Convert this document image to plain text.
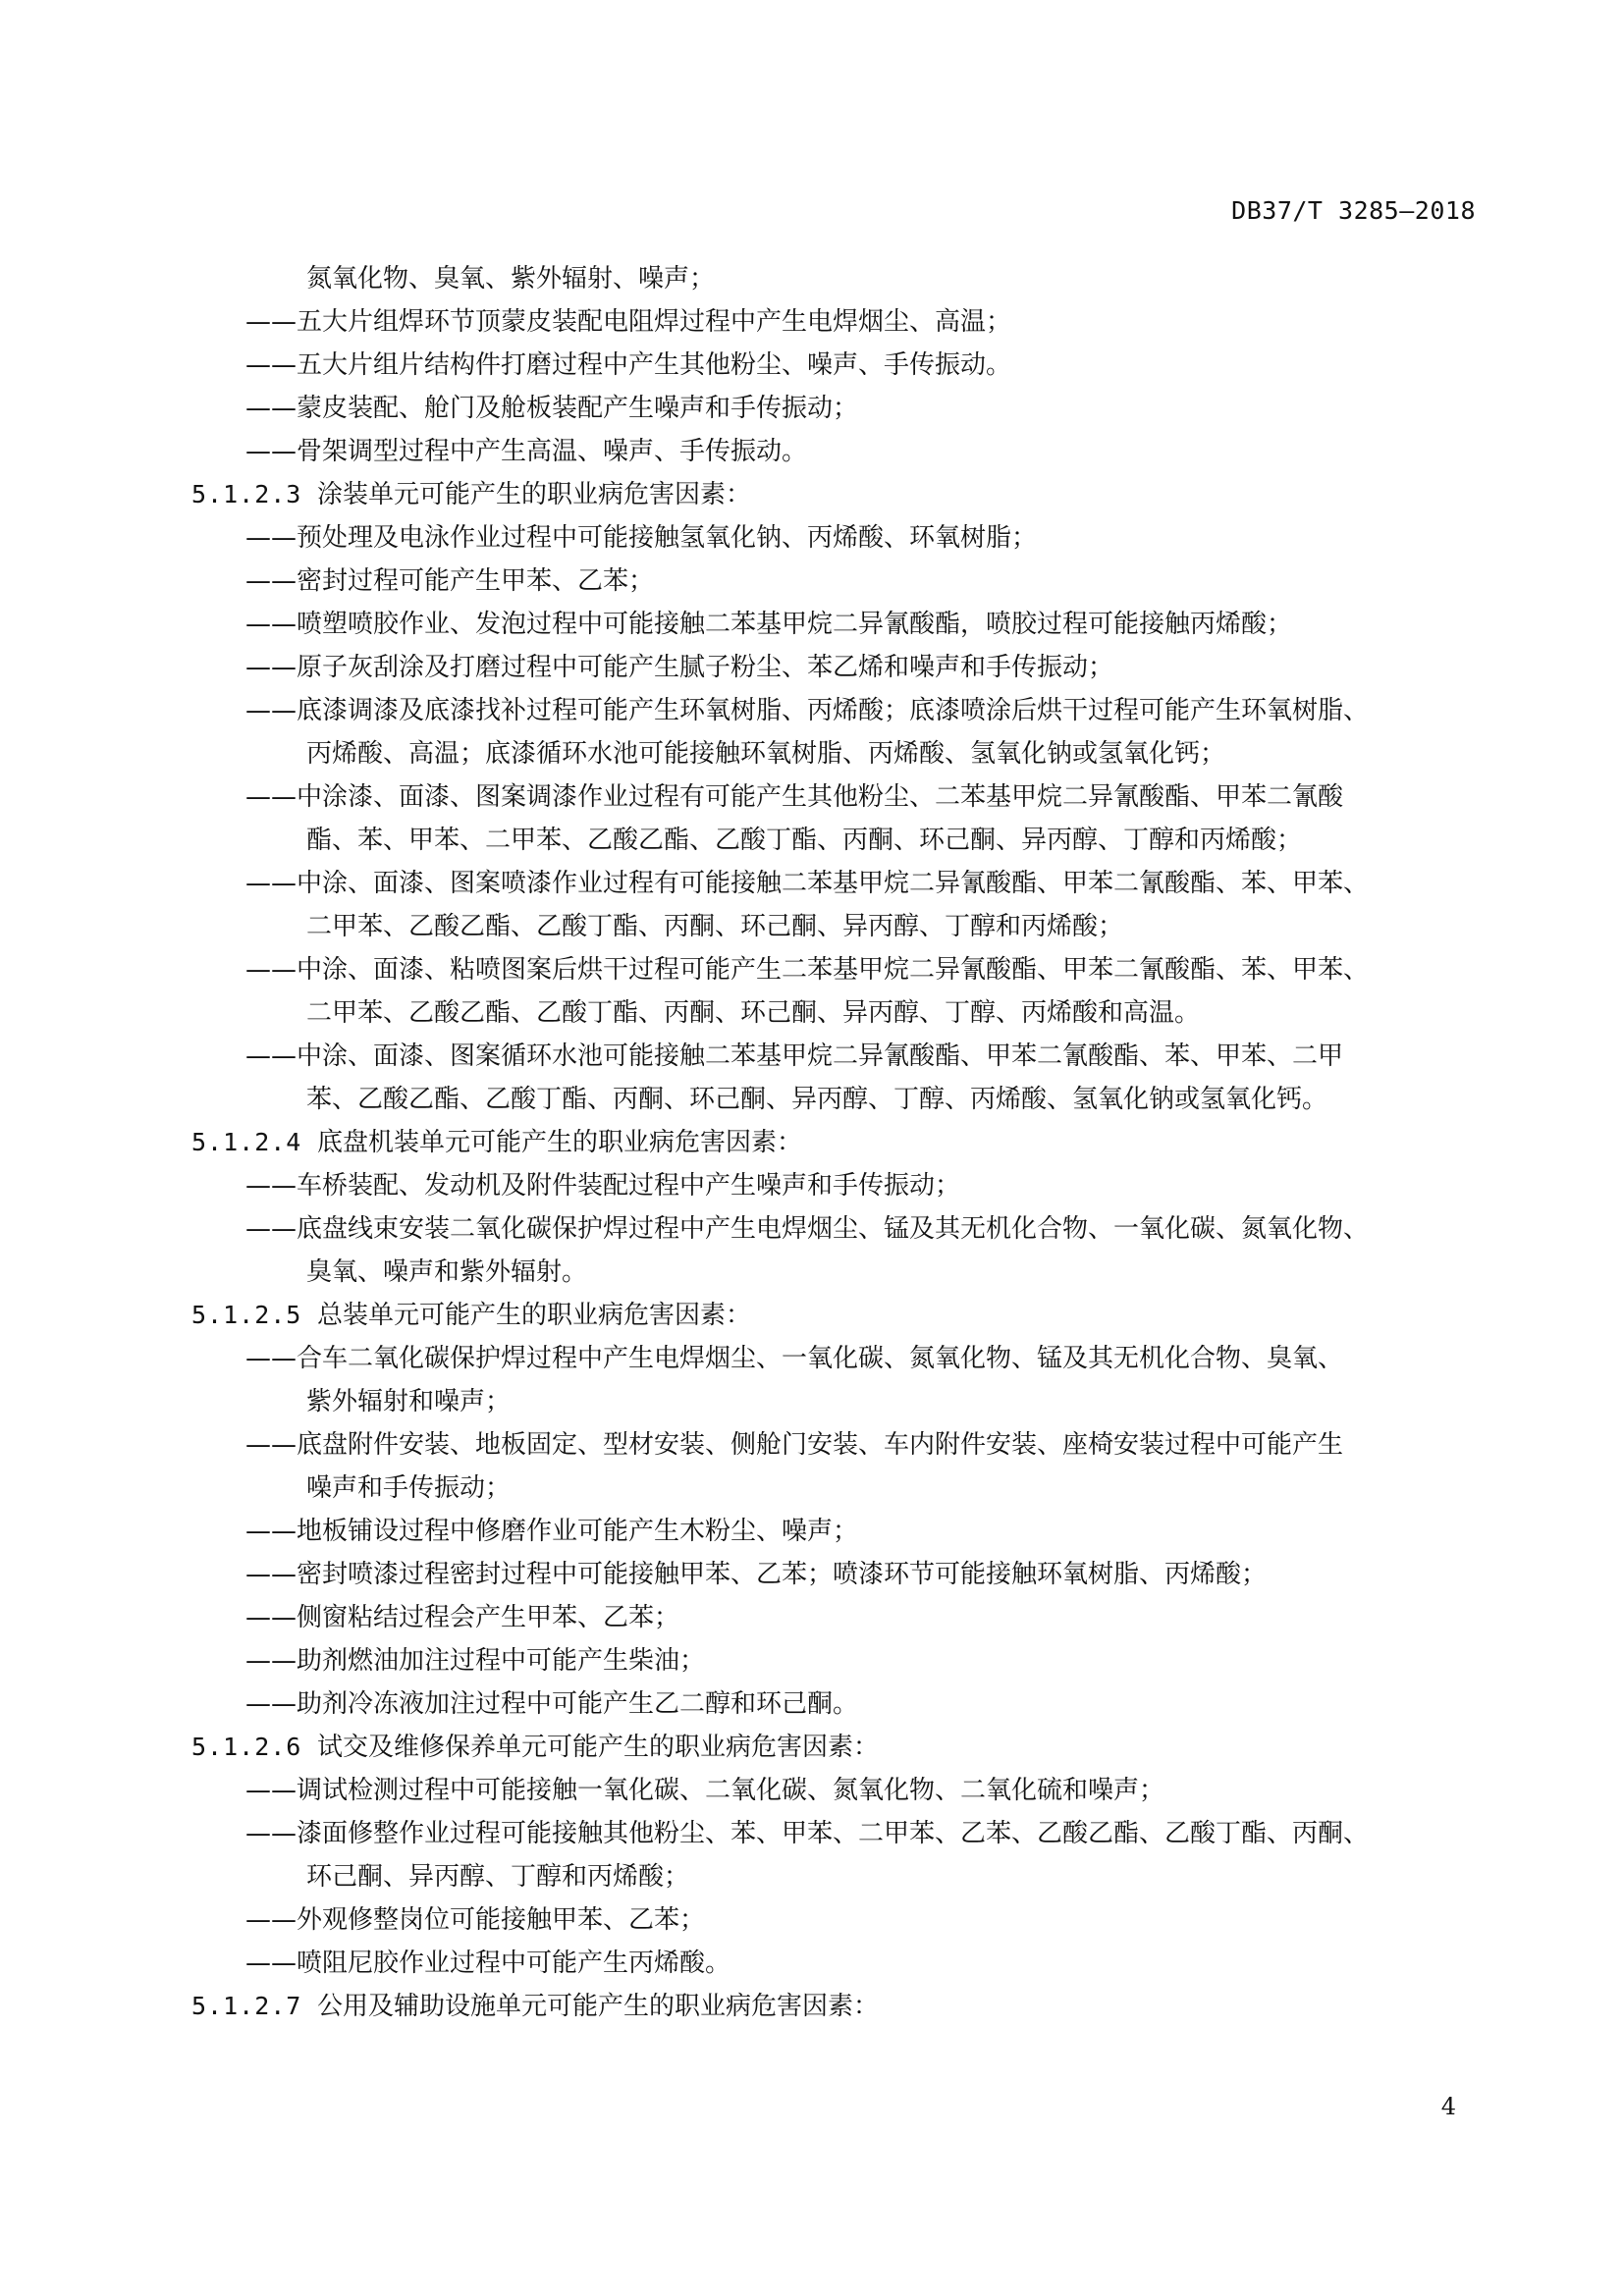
DB37/T 3285—2018
氮氧化物、臭氧、紫外辐射、噪声；
——五大片组焊环节顶蒙皮装配电阻焊过程中产生电焊烟尘、高温；
——五大片组片结构件打磨过程中产生其他粉尘、噪声、手传振动。
——蒙皮装配、舱门及舱板装配产生噪声和手传振动；
——骨架调型过程中产生高温、噪声、手传振动。
5.1.2.3 涂装单元可能产生的职业病危害因素：
——预处理及电泳作业过程中可能接触氢氧化钠、丙烯酸、环氧树脂；
——密封过程可能产生甲苯、乙苯；
——喷塑喷胶作业、发泡过程中可能接触二苯基甲烷二异氰酸酯，喷胶过程可能接触丙烯酸；
——原子灰刮涂及打磨过程中可能产生腻子粉尘、苯乙烯和噪声和手传振动；
——底漆调漆及底漆找补过程可能产生环氧树脂、丙烯酸；底漆喷涂后烘干过程可能产生环氧树脂、
丙烯酸、高温；底漆循环水池可能接触环氧树脂、丙烯酸、氢氧化钠或氢氧化钙；
——中涂漆、面漆、图案调漆作业过程有可能产生其他粉尘、二苯基甲烷二异氰酸酯、甲苯二氰酸
酯、苯、甲苯、二甲苯、乙酸乙酯、乙酸丁酯、丙酮、环己酮、异丙醇、丁醇和丙烯酸；
——中涂、面漆、图案喷漆作业过程有可能接触二苯基甲烷二异氰酸酯、甲苯二氰酸酯、苯、甲苯、
二甲苯、乙酸乙酯、乙酸丁酯、丙酮、环己酮、异丙醇、丁醇和丙烯酸；
——中涂、面漆、粘喷图案后烘干过程可能产生二苯基甲烷二异氰酸酯、甲苯二氰酸酯、苯、甲苯、
二甲苯、乙酸乙酯、乙酸丁酯、丙酮、环己酮、异丙醇、丁醇、丙烯酸和高温。
——中涂、面漆、图案循环水池可能接触二苯基甲烷二异氰酸酯、甲苯二氰酸酯、苯、甲苯、二甲
苯、乙酸乙酯、乙酸丁酯、丙酮、环己酮、异丙醇、丁醇、丙烯酸、氢氧化钠或氢氧化钙。
5.1.2.4 底盘机装单元可能产生的职业病危害因素：
——车桥装配、发动机及附件装配过程中产生噪声和手传振动；
——底盘线束安装二氧化碳保护焊过程中产生电焊烟尘、锰及其无机化合物、一氧化碳、氮氧化物、
臭氧、噪声和紫外辐射。
5.1.2.5 总装单元可能产生的职业病危害因素：
——合车二氧化碳保护焊过程中产生电焊烟尘、一氧化碳、氮氧化物、锰及其无机化合物、臭氧、
紫外辐射和噪声；
——底盘附件安装、地板固定、型材安装、侧舱门安装、车内附件安装、座椅安装过程中可能产生
噪声和手传振动；
——地板铺设过程中修磨作业可能产生木粉尘、噪声；
——密封喷漆过程密封过程中可能接触甲苯、乙苯；喷漆环节可能接触环氧树脂、丙烯酸；
——侧窗粘结过程会产生甲苯、乙苯；
——助剂燃油加注过程中可能产生柴油；
——助剂冷冻液加注过程中可能产生乙二醇和环己酮。
5.1.2.6 试交及维修保养单元可能产生的职业病危害因素：
——调试检测过程中可能接触一氧化碳、二氧化碳、氮氧化物、二氧化硫和噪声；
——漆面修整作业过程可能接触其他粉尘、苯、甲苯、二甲苯、乙苯、乙酸乙酯、乙酸丁酯、丙酮、
环己酮、异丙醇、丁醇和丙烯酸；
——外观修整岗位可能接触甲苯、乙苯；
——喷阻尼胶作业过程中可能产生丙烯酸。
5.1.2.7 公用及辅助设施单元可能产生的职业病危害因素：
4
